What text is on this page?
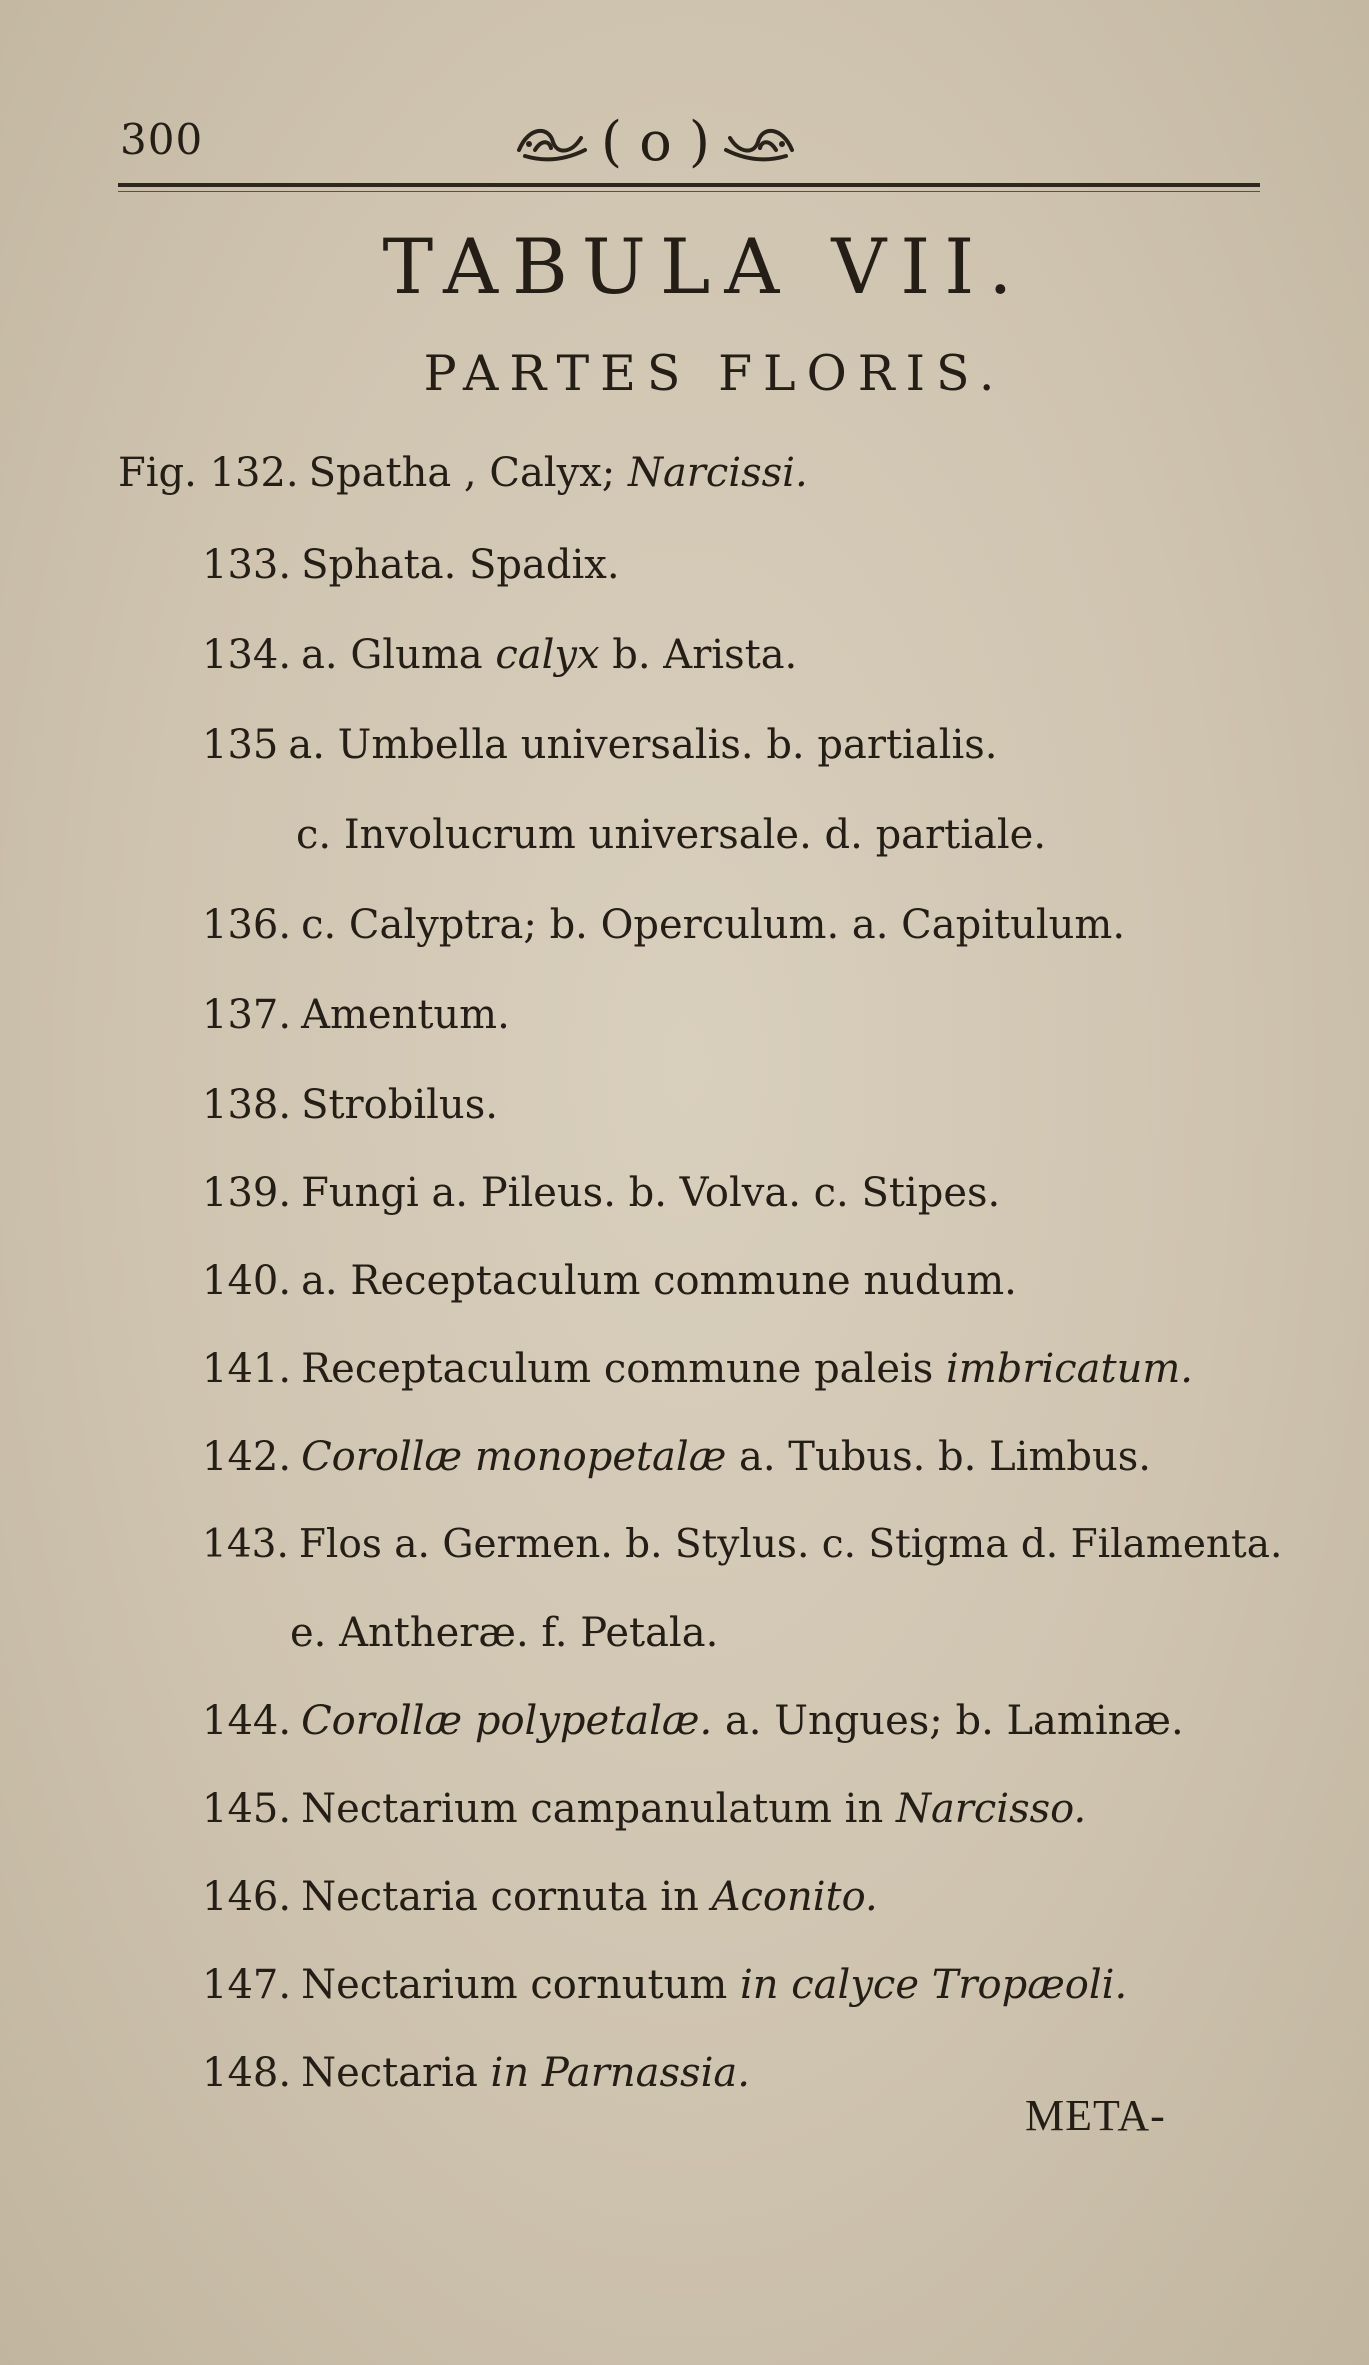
300	( o )
TABULA VII.
PARTES FLORIS.
Fig. 132. Spatha , Calyx; Narcissi.
133. Sphata. Spadix.
134. a. Gluma calyx b. Arista.
135 a. Umbella universalis. b. partialis.
c. Involucrum universale. d. partiale.
136. c. Calyptra; b. Operculum. a. Capitulum.
137. Amentum.
138. Strobilus.
139. Fungi a. Pileus. b. Volva. c. Stipes.
140. a. Receptaculum commune nudum.
141. Receptaculum commune paleis imbricatum.
142. Corollæ monopetalæ a. Tubus. b. Limbus.
143. Flos a. Germen. b. Stylus. c. Stigma d. Filamenta.
e. Antheræ. f. Petala.
144. Corollæ polypetalæ. a. Ungues; b. Laminæ.
145. Nectarium campanulatum in Narcisso.
146. Nectaria cornuta in Aconito.
147. Nectarium cornutum in calyce Tropæoli.
148. Nectaria in Parnassia.
META-
